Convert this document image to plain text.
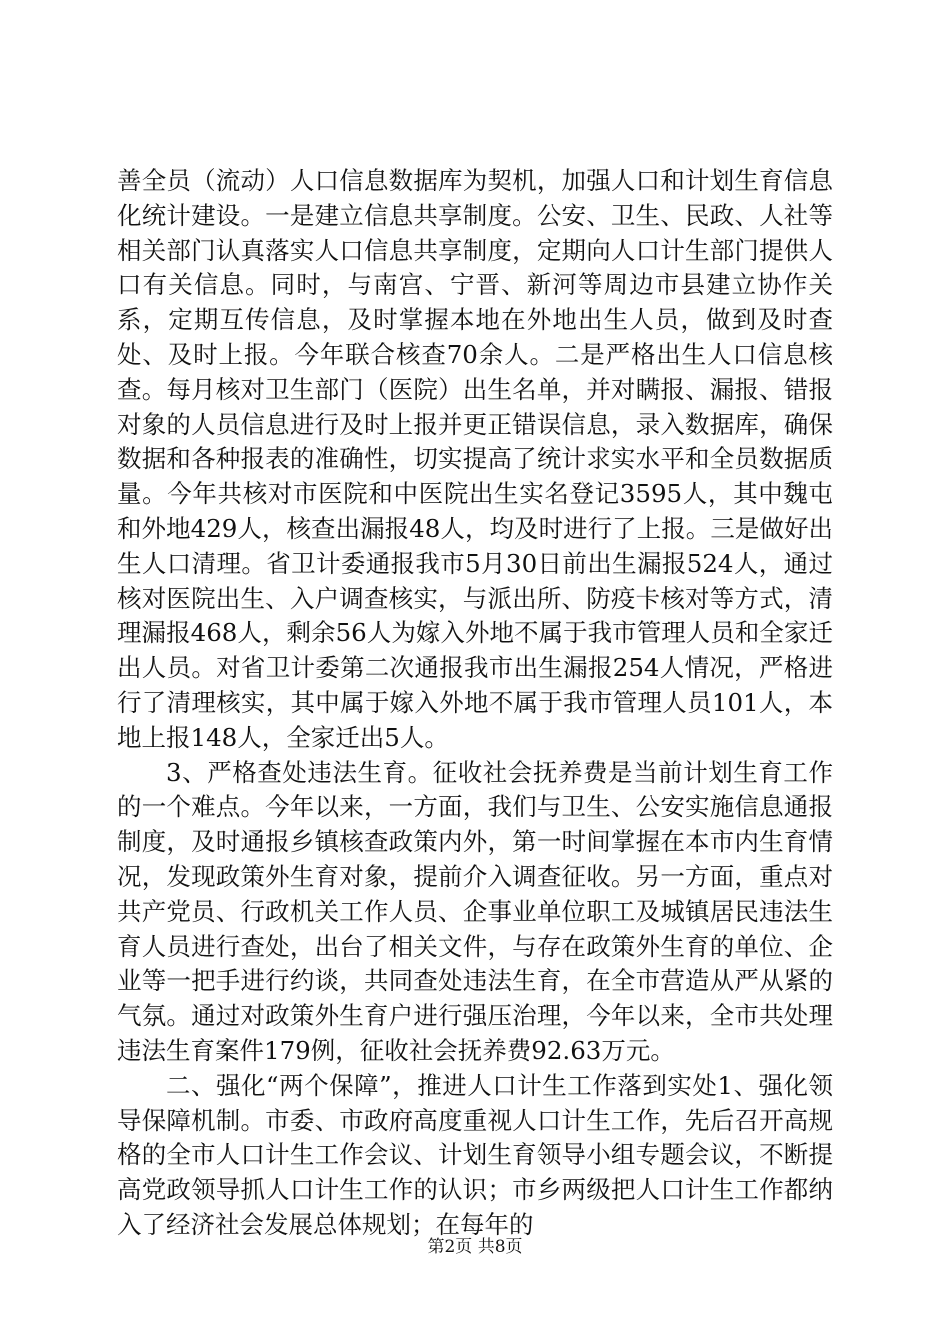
善全员（流动）人口信息数据库为契机，加强人口和计划生育信息化统计建设。一是建立信息共享制度。公安、卫生、民政、人社等相关部门认真落实人口信息共享制度，定期向人口计生部门提供人口有关信息。同时，与南宫、宁晋、新河等周边市县建立协作关系，定期互传信息，及时掌握本地在外地出生人员，做到及时查处、及时上报。今年联合核查70余人。二是严格出生人口信息核查。每月核对卫生部门（医院）出生名单，并对瞒报、漏报、错报对象的人员信息进行及时上报并更正错误信息，录入数据库，确保数据和各种报表的准确性，切实提高了统计求实水平和全员数据质量。今年共核对市医院和中医院出生实名登记3595人，其中魏屯和外地429人，核查出漏报48人，均及时进行了上报。三是做好出生人口清理。省卫计委通报我市5月30日前出生漏报524人，通过核对医院出生、入户调查核实，与派出所、防疫卡核对等方式，清理漏报468人，剩余56人为嫁入外地不属于我市管理人员和全家迁出人员。对省卫计委第二次通报我市出生漏报254人情况，严格进行了清理核实，其中属于嫁入外地不属于我市管理人员101人，本地上报148人，全家迁出5人。

3、严格查处违法生育。征收社会抚养费是当前计划生育工作的一个难点。今年以来，一方面，我们与卫生、公安实施信息通报制度，及时通报乡镇核查政策内外，第一时间掌握在本市内生育情况，发现政策外生育对象，提前介入调查征收。另一方面，重点对共产党员、行政机关工作人员、企事业单位职工及城镇居民违法生育人员进行查处，出台了相关文件，与存在政策外生育的单位、企业等一把手进行约谈，共同查处违法生育，在全市营造从严从紧的气氛。通过对政策外生育户进行强压治理，今年以来，全市共处理违法生育案件179例，征收社会抚养费92.63万元。

二、强化“两个保障”，推进人口计生工作落到实处1、强化领导保障机制。市委、市政府高度重视人口计生工作，先后召开高规格的全市人口计生工作会议、计划生育领导小组专题会议，不断提高党政领导抓人口计生工作的认识；市乡两级把人口计生工作都纳入了经济社会发展总体规划；在每年的

第2页 共8页
